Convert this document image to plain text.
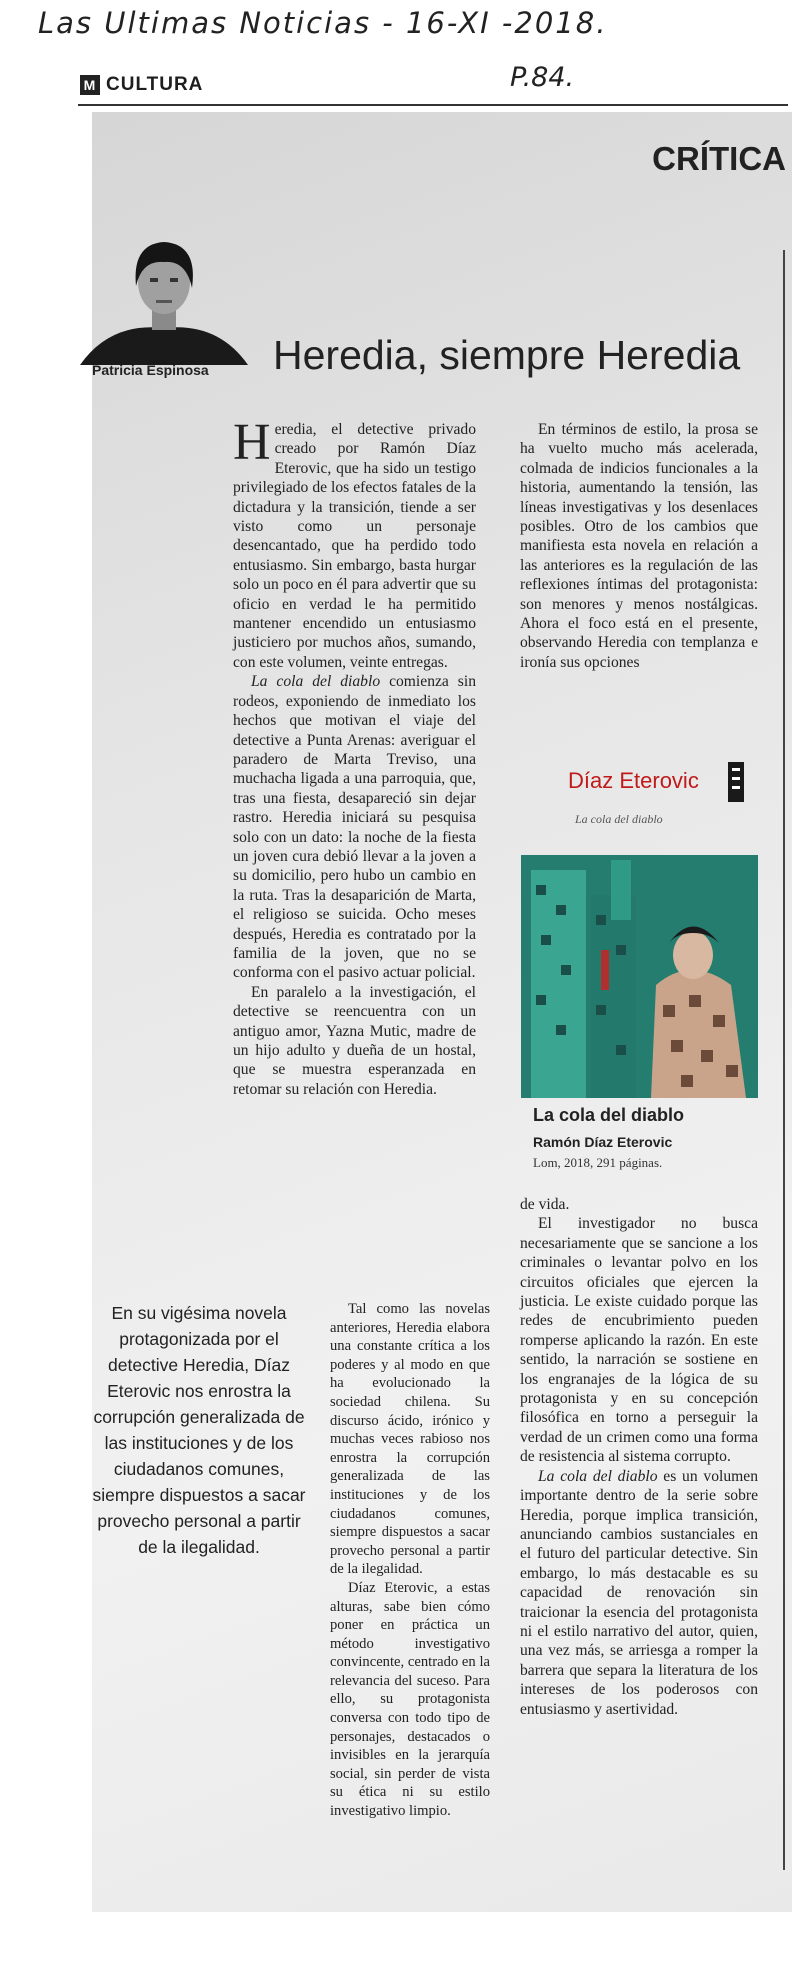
Las Ultimas Noticias - 16-XI -2018.
P.84.
M CULTURA
CRÍTICA
Patricia Espinosa Heredia, siempre Heredia

Heredia, el detective privado creado por Ramón Díaz Eterovic, que ha sido un testigo privilegiado de los efectos fatales de la dictadura y la transición, tiende a ser visto como un personaje desencantado, que ha perdido todo entusiasmo. Sin embargo, basta hurgar solo un poco en él para advertir que su oficio en verdad le ha permitido mantener encendido un entusiasmo justiciero por muchos años, sumando, con este volumen, veinte entregas.

La cola del diablo comienza sin rodeos, exponiendo de inmediato los hechos que motivan el viaje del detective a Punta Arenas: averiguar el paradero de Marta Treviso, una muchacha ligada a una parroquia, que, tras una fiesta, desapareció sin dejar rastro. Heredia iniciará su pesquisa solo con un dato: la noche de la fiesta un joven cura debió llevar a la joven a su domicilio, pero hubo un cambio en la ruta. Tras la desaparición de Marta, el religioso se suicida. Ocho meses después, Heredia es contratado por la familia de la joven, que no se conforma con el pasivo actuar policial.

En paralelo a la investigación, el detective se reencuentra con un antiguo amor, Yazna Mutic, madre de un hijo adulto y dueña de un hostal, que se muestra esperanzada en retomar su relación con Heredia.

En su vigésima novela protagonizada por el detective Heredia, Díaz Eterovic nos enrostra la corrupción generalizada de las instituciones y de los ciudadanos comunes, siempre dispuestos a sacar provecho personal a partir de la ilegalidad.

Tal como las novelas anteriores, Heredia elabora una constante crítica a los poderes y al modo en que ha evolucionado la sociedad chilena. Su discurso ácido, irónico y muchas veces rabioso nos enrostra la corrupción generalizada de las instituciones y de los ciudadanos comunes, siempre dispuestos a sacar provecho personal a partir de la ilegalidad.

Díaz Eterovic, a estas alturas, sabe bien cómo poner en práctica un método investigativo convincente, centrado en la relevancia del suceso. Para ello, su protagonista conversa con todo tipo de personajes, destacados o invisibles en la jerarquía social, sin perder de vista su ética ni su estilo investigativo limpio.

En términos de estilo, la prosa se ha vuelto mucho más acelerada, colmada de indicios funcionales a la historia, aumentando la tensión, las líneas investigativas y los desenlaces posibles. Otro de los cambios que manifiesta esta novela en relación a las anteriores es la regulación de las reflexiones íntimas del protagonista: son menores y menos nostálgicas. Ahora el foco está en el presente, observando Heredia con templanza e ironía sus opciones

Díaz Eterovic
La cola del diablo
La cola del diablo
Ramón Díaz Eterovic
Lom, 2018, 291 páginas.

de vida.

El investigador no busca necesariamente que se sancione a los criminales o levantar polvo en los circuitos oficiales que ejercen la justicia. Le existe cuidado porque las redes de encubrimiento pueden romperse aplicando la razón. En este sentido, la narración se sostiene en los engranajes de la lógica de su protagonista y en su concepción filosófica en torno a perseguir la verdad de un crimen como una forma de resistencia al sistema corrupto.

La cola del diablo es un volumen importante dentro de la serie sobre Heredia, porque implica transición, anunciando cambios sustanciales en el futuro del particular detective. Sin embargo, lo más destacable es su capacidad de renovación sin traicionar la esencia del protagonista ni el estilo narrativo del autor, quien, una vez más, se arriesga a romper la barrera que separa la literatura de los intereses de los poderosos con entusiasmo y asertividad.
